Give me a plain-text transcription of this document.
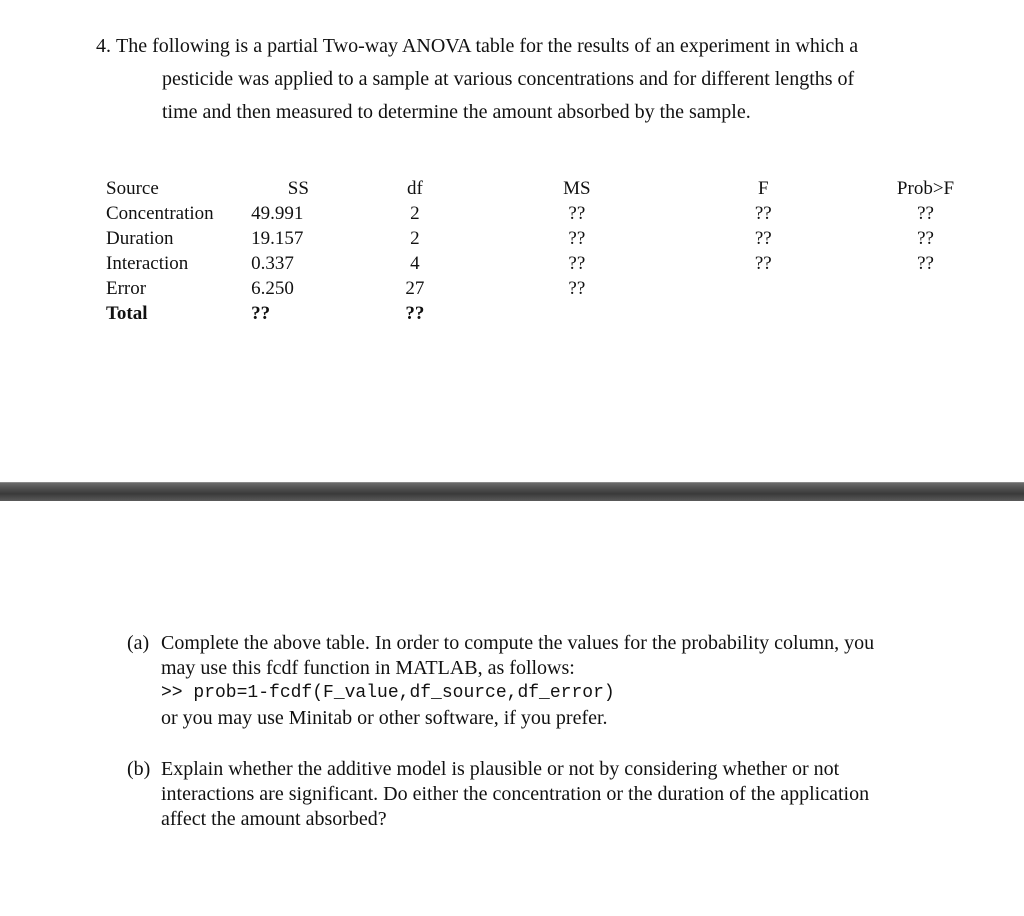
4. The following is a partial Two-way ANOVA table for the results of an experiment in which a
pesticide was applied to a sample at various concentrations and for different lengths of
time and then measured to determine the amount absorbed by the sample.
Source	SS	df	MS	F	Prob>F
Concentration	49.991	2	??	??	??
Duration	19.157	2	??	??	??
Interaction	0.337	4	??	??	??
Error	6.250	27	??		
Total	??	??			
(a) Complete the above table. In order to compute the values for the probability column, you
may use this fcdf function in MATLAB, as follows:
>> prob=1-fcdf(F_value,df_source,df_error)
or you may use Minitab or other software, if you prefer.
(b) Explain whether the additive model is plausible or not by considering whether or not
interactions are significant. Do either the concentration or the duration of the application
affect the amount absorbed?
